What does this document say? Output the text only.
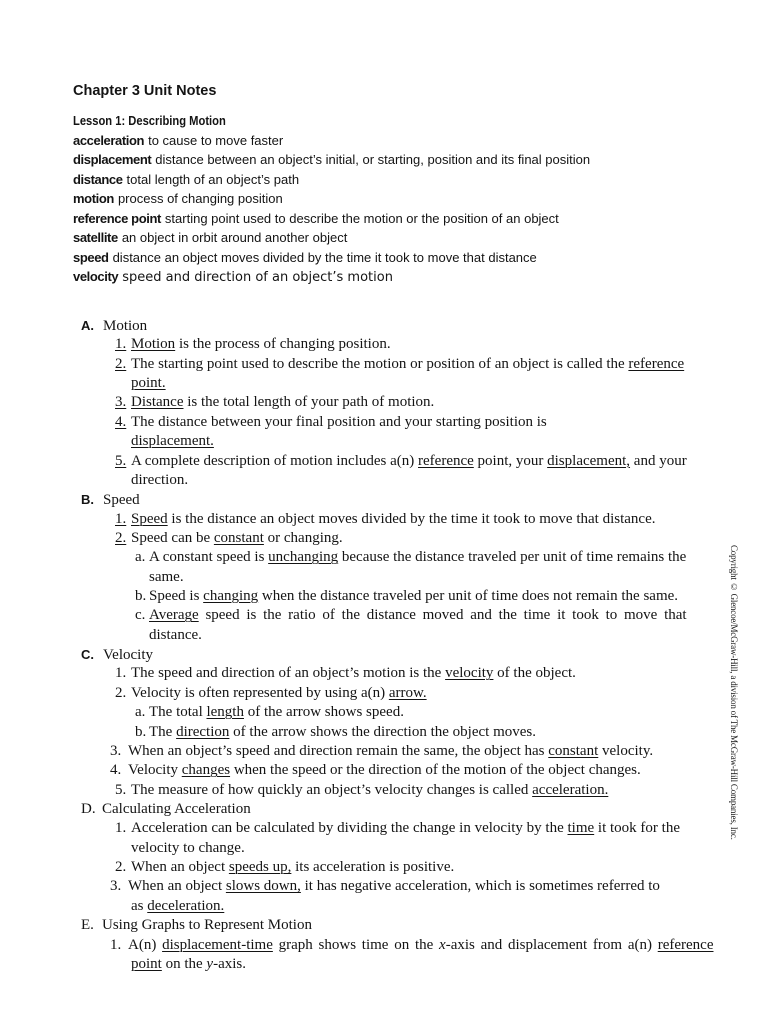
Chapter 3 Unit Notes
Lesson 1: Describing Motion
acceleration to cause to move faster
displacement distance between an object’s initial, or starting, position and its final position
distance total length of an object’s path
motion process of changing position
reference point starting point used to describe the motion or the position of an object
satellite an object in orbit around another object
speed distance an object moves divided by the time it took to move that distance
velocity speed and direction of an object’s motion
A. Motion
1. Motion is the process of changing position.
2. The starting point used to describe the motion or position of an object is called the reference
point.
3. Distance is the total length of your path of motion.
4. The distance between your final position and your starting position is
displacement.
5. A complete description of motion includes a(n) reference point, your displacement, and your
direction.
B. Speed
1. Speed is the distance an object moves divided by the time it took to move that distance.
2. Speed can be constant or changing.
a. A constant speed is unchanging because the distance traveled per unit of time remains the
same.
b. Speed is changing when the distance traveled per unit of time does not remain the same.
c. Average speed is the ratio of the distance moved and the time it took to move that
distance.
C. Velocity
1. The speed and direction of an object’s motion is the velocity of the object.
2. Velocity is often represented by using a(n) arrow.
a. The total length of the arrow shows speed.
b. The direction of the arrow shows the direction the object moves.
3. When an object’s speed and direction remain the same, the object has constant velocity.
4. Velocity changes when the speed or the direction of the motion of the object changes.
5. The measure of how quickly an object’s velocity changes is called acceleration.
D. Calculating Acceleration
1. Acceleration can be calculated by dividing the change in velocity by the time it took for the
velocity to change.
2. When an object speeds up, its acceleration is positive.
3. When an object slows down, it has negative acceleration, which is sometimes referred to
as deceleration.
E. Using Graphs to Represent Motion
1. A(n) displacement-time graph shows time on the x-axis and displacement from a(n) reference
point on the y-axis.
Copyright © Glencoe/McGraw-Hill, a division of The McGraw-Hill Companies, Inc.
